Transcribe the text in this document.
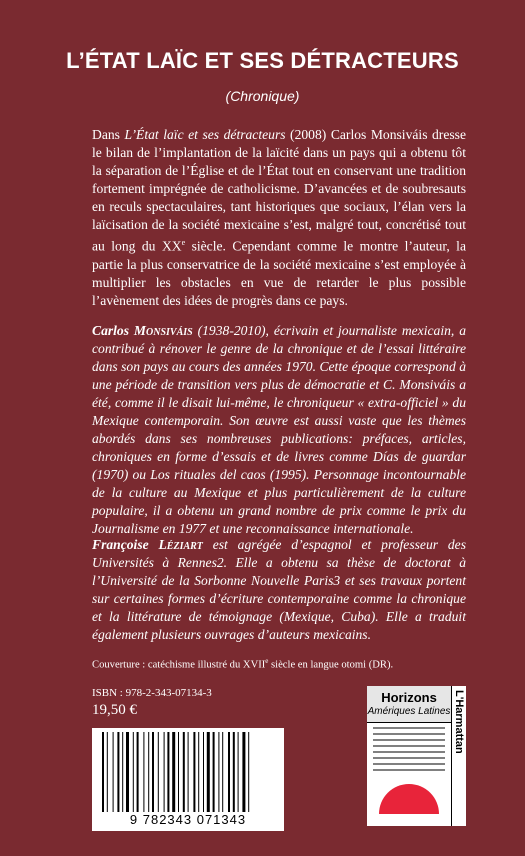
L’ÉTAT LAÏC ET SES DÉTRACTEURS
(Chronique)

Dans L’État laïc et ses détracteurs (2008) Carlos Monsiváis dresse le bilan de l’implantation de la laïcité dans un pays qui a obtenu tôt la séparation de l’Église et de l’État tout en conservant une tradition fortement imprégnée de catholicisme. D’avancées et de soubresauts en reculs spectaculaires, tant historiques que sociaux, l’élan vers la laïcisation de la société mexicaine s’est, malgré tout, concrétisé tout au long du XXe siècle. Cependant comme le montre l’auteur, la partie la plus conservatrice de la société mexicaine s’est employée à multiplier les obstacles en vue de retarder le plus possible l’avènement des idées de progrès dans ce pays.

Carlos Monsiváis (1938-2010), écrivain et journaliste mexicain, a contribué à rénover le genre de la chronique et de l’essai littéraire dans son pays au cours des années 1970. Cette époque correspond à une période de transition vers plus de démocratie et C. Monsiváis a été, comme il le disait lui-même, le chroniqueur « extra-officiel » du Mexique contemporain. Son œuvre est aussi vaste que les thèmes abordés dans ses nombreuses publications: préfaces, articles, chroniques en forme d’essais et de livres comme Días de guardar (1970) ou Los rituales del caos (1995). Personnage incontournable de la culture au Mexique et plus particulièrement de la culture populaire, il a obtenu un grand nombre de prix comme le prix du Journalisme en 1977 et une reconnaissance internationale.

Françoise Léziart est agrégée d’espagnol et professeur des Universités à Rennes2. Elle a obtenu sa thèse de doctorat à l’Université de la Sorbonne Nouvelle Paris3 et ses travaux portent sur certaines formes d’écriture contemporaine comme la chronique et la littérature de témoignage (Mexique, Cuba). Elle a traduit également plusieurs ouvrages d’auteurs mexicains.

Couverture : catéchisme illustré du XVIIe siècle en langue otomi (DR).
ISBN : 978-2-343-07134-3
19,50 €
9 782343 071343
Horizons
Amériques Latines L'Harmattan
